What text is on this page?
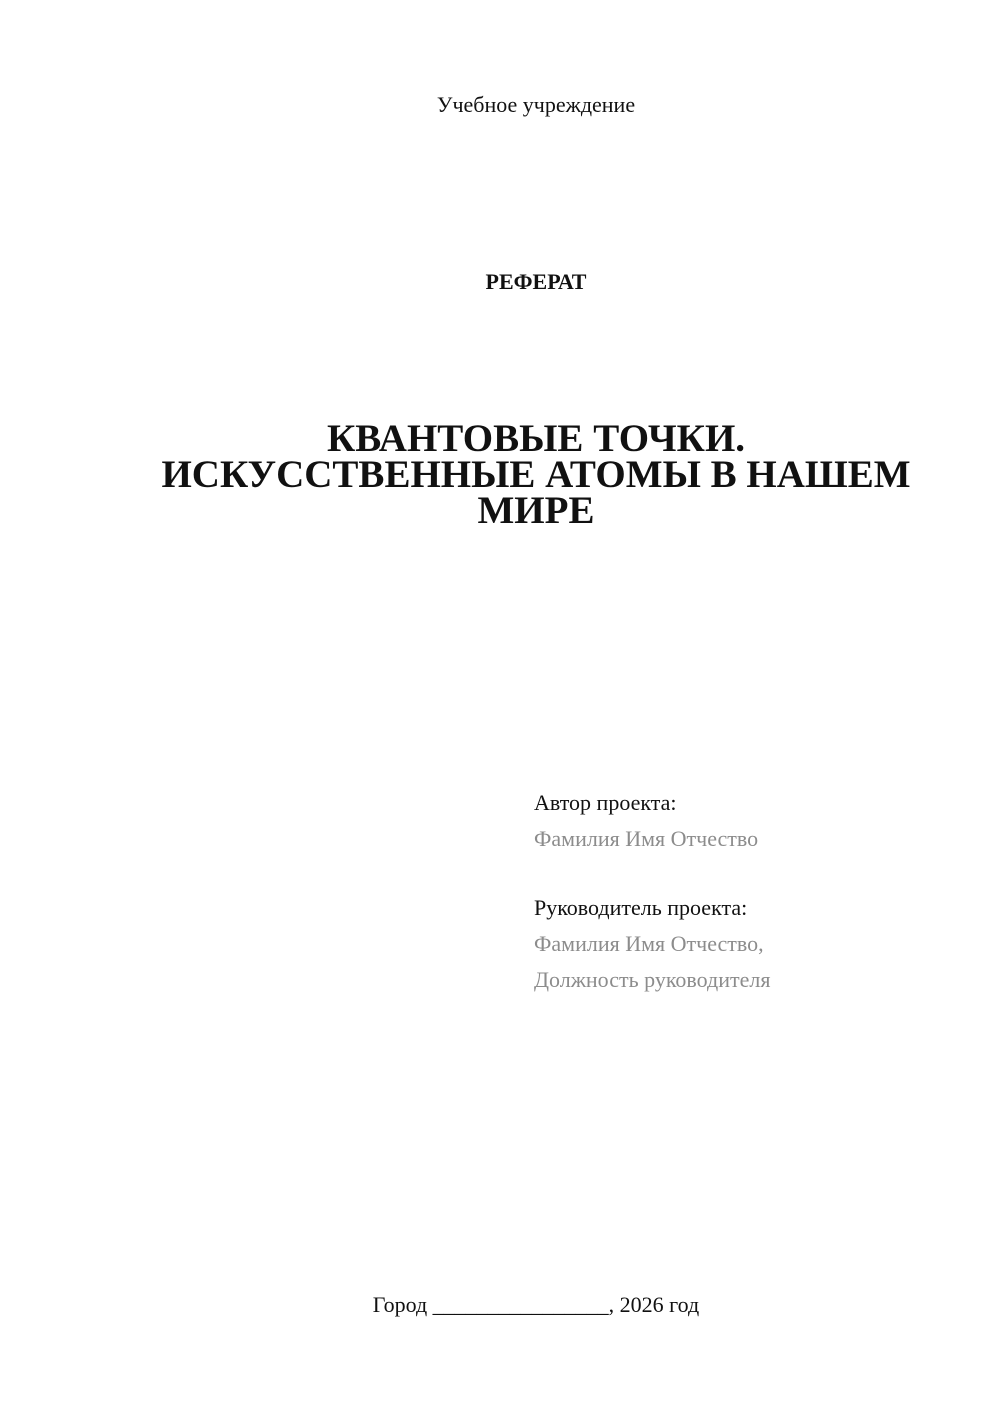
Учебное учреждение
РЕФЕРАТ
КВАНТОВЫЕ ТОЧКИ.
ИСКУССТВЕННЫЕ АТОМЫ В НАШЕМ
МИРЕ
Автор проекта:
Фамилия Имя Отчество
Руководитель проекта:
Фамилия Имя Отчество,
Должность руководителя
Город ________________, 2026 год
